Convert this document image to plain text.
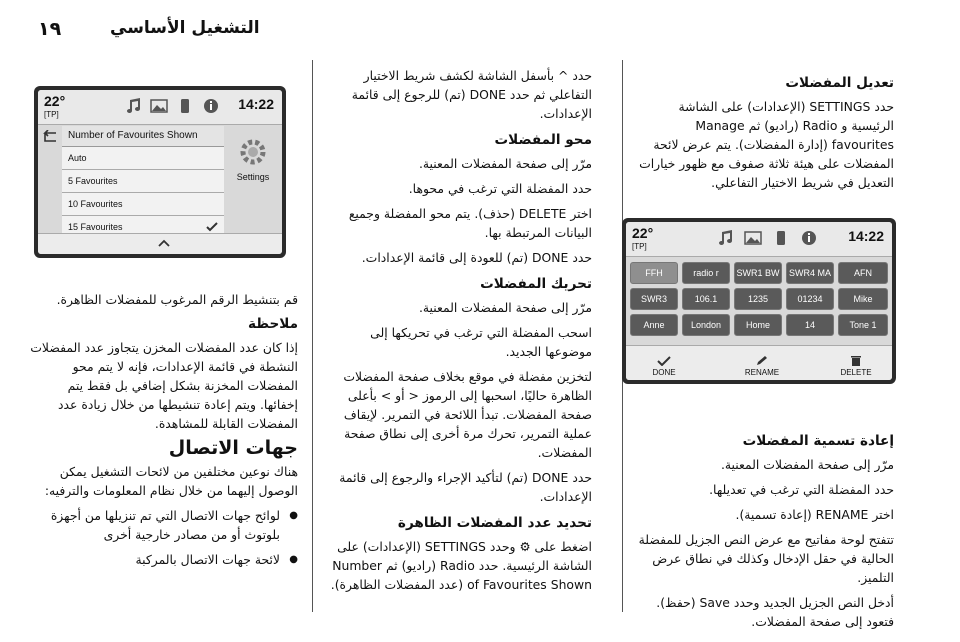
١٩	التشغيل الأساسي
تعديل المفضلات

حدد SETTINGS (الإعدادات) على الشاشة الرئيسية و Radio (راديو) ثم Manage favourites (إدارة المفضلات). يتم عرض لائحة المفضلات على هيئة ثلاثة صفوف مع ظهور خيارات التعديل في شريط الاختيار التفاعلي.

22°
[TP]
14:22
FFH	radio r	SWR1 BW	SWR4 MA	AFN
SWR3	106.1	1235	01234	Mike
Anne	London	Home	14	Tone 1

DONE	RENAME	DELETE
إعادة تسمية المفضلات

مرّر إلى صفحة المفضلات المعنية.

حدد المفضلة التي ترغب في تعديلها.

اختر RENAME (إعادة تسمية).

تتفتح لوحة مفاتيح مع عرض النص الجزيل للمفضلة الحالية في حقل الإدخال وكذلك في نطاق عرض التلميز.

أدخل النص الجزيل الجديد وحدد Save (حفظ). فتعود إلى صفحة المفضلات.

حدد ^ بأسفل الشاشة لكشف شريط الاختيار التفاعلي ثم حدد DONE (تم) للرجوع إلى قائمة الإعدادات.

محو المفضلات

مرّر إلى صفحة المفضلات المعنية.

حدد المفضلة التي ترغب في محوها.

اختر DELETE (حذف). يتم محو المفضلة وجميع البيانات المرتبطة بها.

حدد DONE (تم) للعودة إلى قائمة الإعدادات.

تحريك المفضلات

مرّر إلى صفحة المفضلات المعنية.

اسحب المفضلة التي ترغب في تحريكها إلى موضوعها الجديد.

لتخزين مفضلة في موقع بخلاف صفحة المفضلات الظاهرة حاليًا، اسحبها إلى الرموز < أو > بأعلى صفحة المفضلات. تبدأ اللائحة في التمرير. لإيقاف عملية التمرير، تحرك مرة أخرى إلى نطاق صفحة المفضلات.

حدد DONE (تم) لتأكيد الإجراء والرجوع إلى قائمة الإعدادات.

تحديد عدد المفضلات الظاهرة

اضغط على ⚙ وحدد SETTINGS (الإعدادات) على الشاشة الرئيسية. حدد Radio (راديو) ثم Number of Favourites Shown (عدد المفضلات الظاهرة).

22°
[TP]
14:22
Number of Favourites Shown
Auto
5 Favourites
10 Favourites
15 Favourites

Settings

قم بتنشيط الرقم المرغوب للمفضلات الظاهرة.

ملاحظة

إذا كان عدد المفضلات المخزن يتجاوز عدد المفضلات النشطة في قائمة الإعدادات، فإنه لا يتم محو المفضلات المخزنة بشكل إضافي بل فقط يتم إخفائها. ويتم إعادة تنشيطها من خلال زيادة عدد المفضلات القابلة للمشاهدة.

جهات الاتصال

هناك نوعين مختلفين من لائحات التشغيل يمكن الوصول إليهما من خلال نظام المعلومات والترفيه:

● لوائح جهات الاتصال التي تم تنزيلها من أجهزة بلوتوث أو من مصادر خارجية أخرى
● لائحة جهات الاتصال بالمركبة
